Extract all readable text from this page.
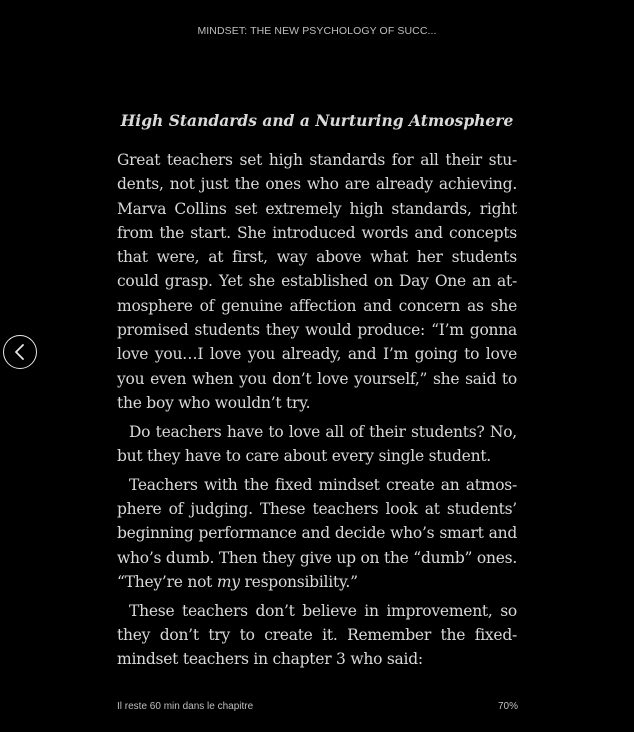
MINDSET: THE NEW PSYCHOLOGY OF SUCC...
High Standards and a Nurturing Atmosphere
Great teachers set high standards for all their stu-
dents, not just the ones who are already achieving.
Marva Collins set extremely high standards, right
from the start. She introduced words and concepts
that were, at first, way above what her students
could grasp. Yet she established on Day One an at-
mosphere of genuine affection and concern as she
promised students they would produce: “I’m gonna
love you…I love you already, and I’m going to love
you even when you don’t love yourself,” she said to
the boy who wouldn’t try.
Do teachers have to love all of their students? No,
but they have to care about every single student.
Teachers with the fixed mindset create an atmos-
phere of judging. These teachers look at students’
beginning performance and decide who’s smart and
who’s dumb. Then they give up on the “dumb” ones.
“They’re not my responsibility.”
These teachers don’t believe in improvement, so
they don’t try to create it. Remember the fixed-
mindset teachers in chapter 3 who said:
Il reste 60 min dans le chapitre	70%
